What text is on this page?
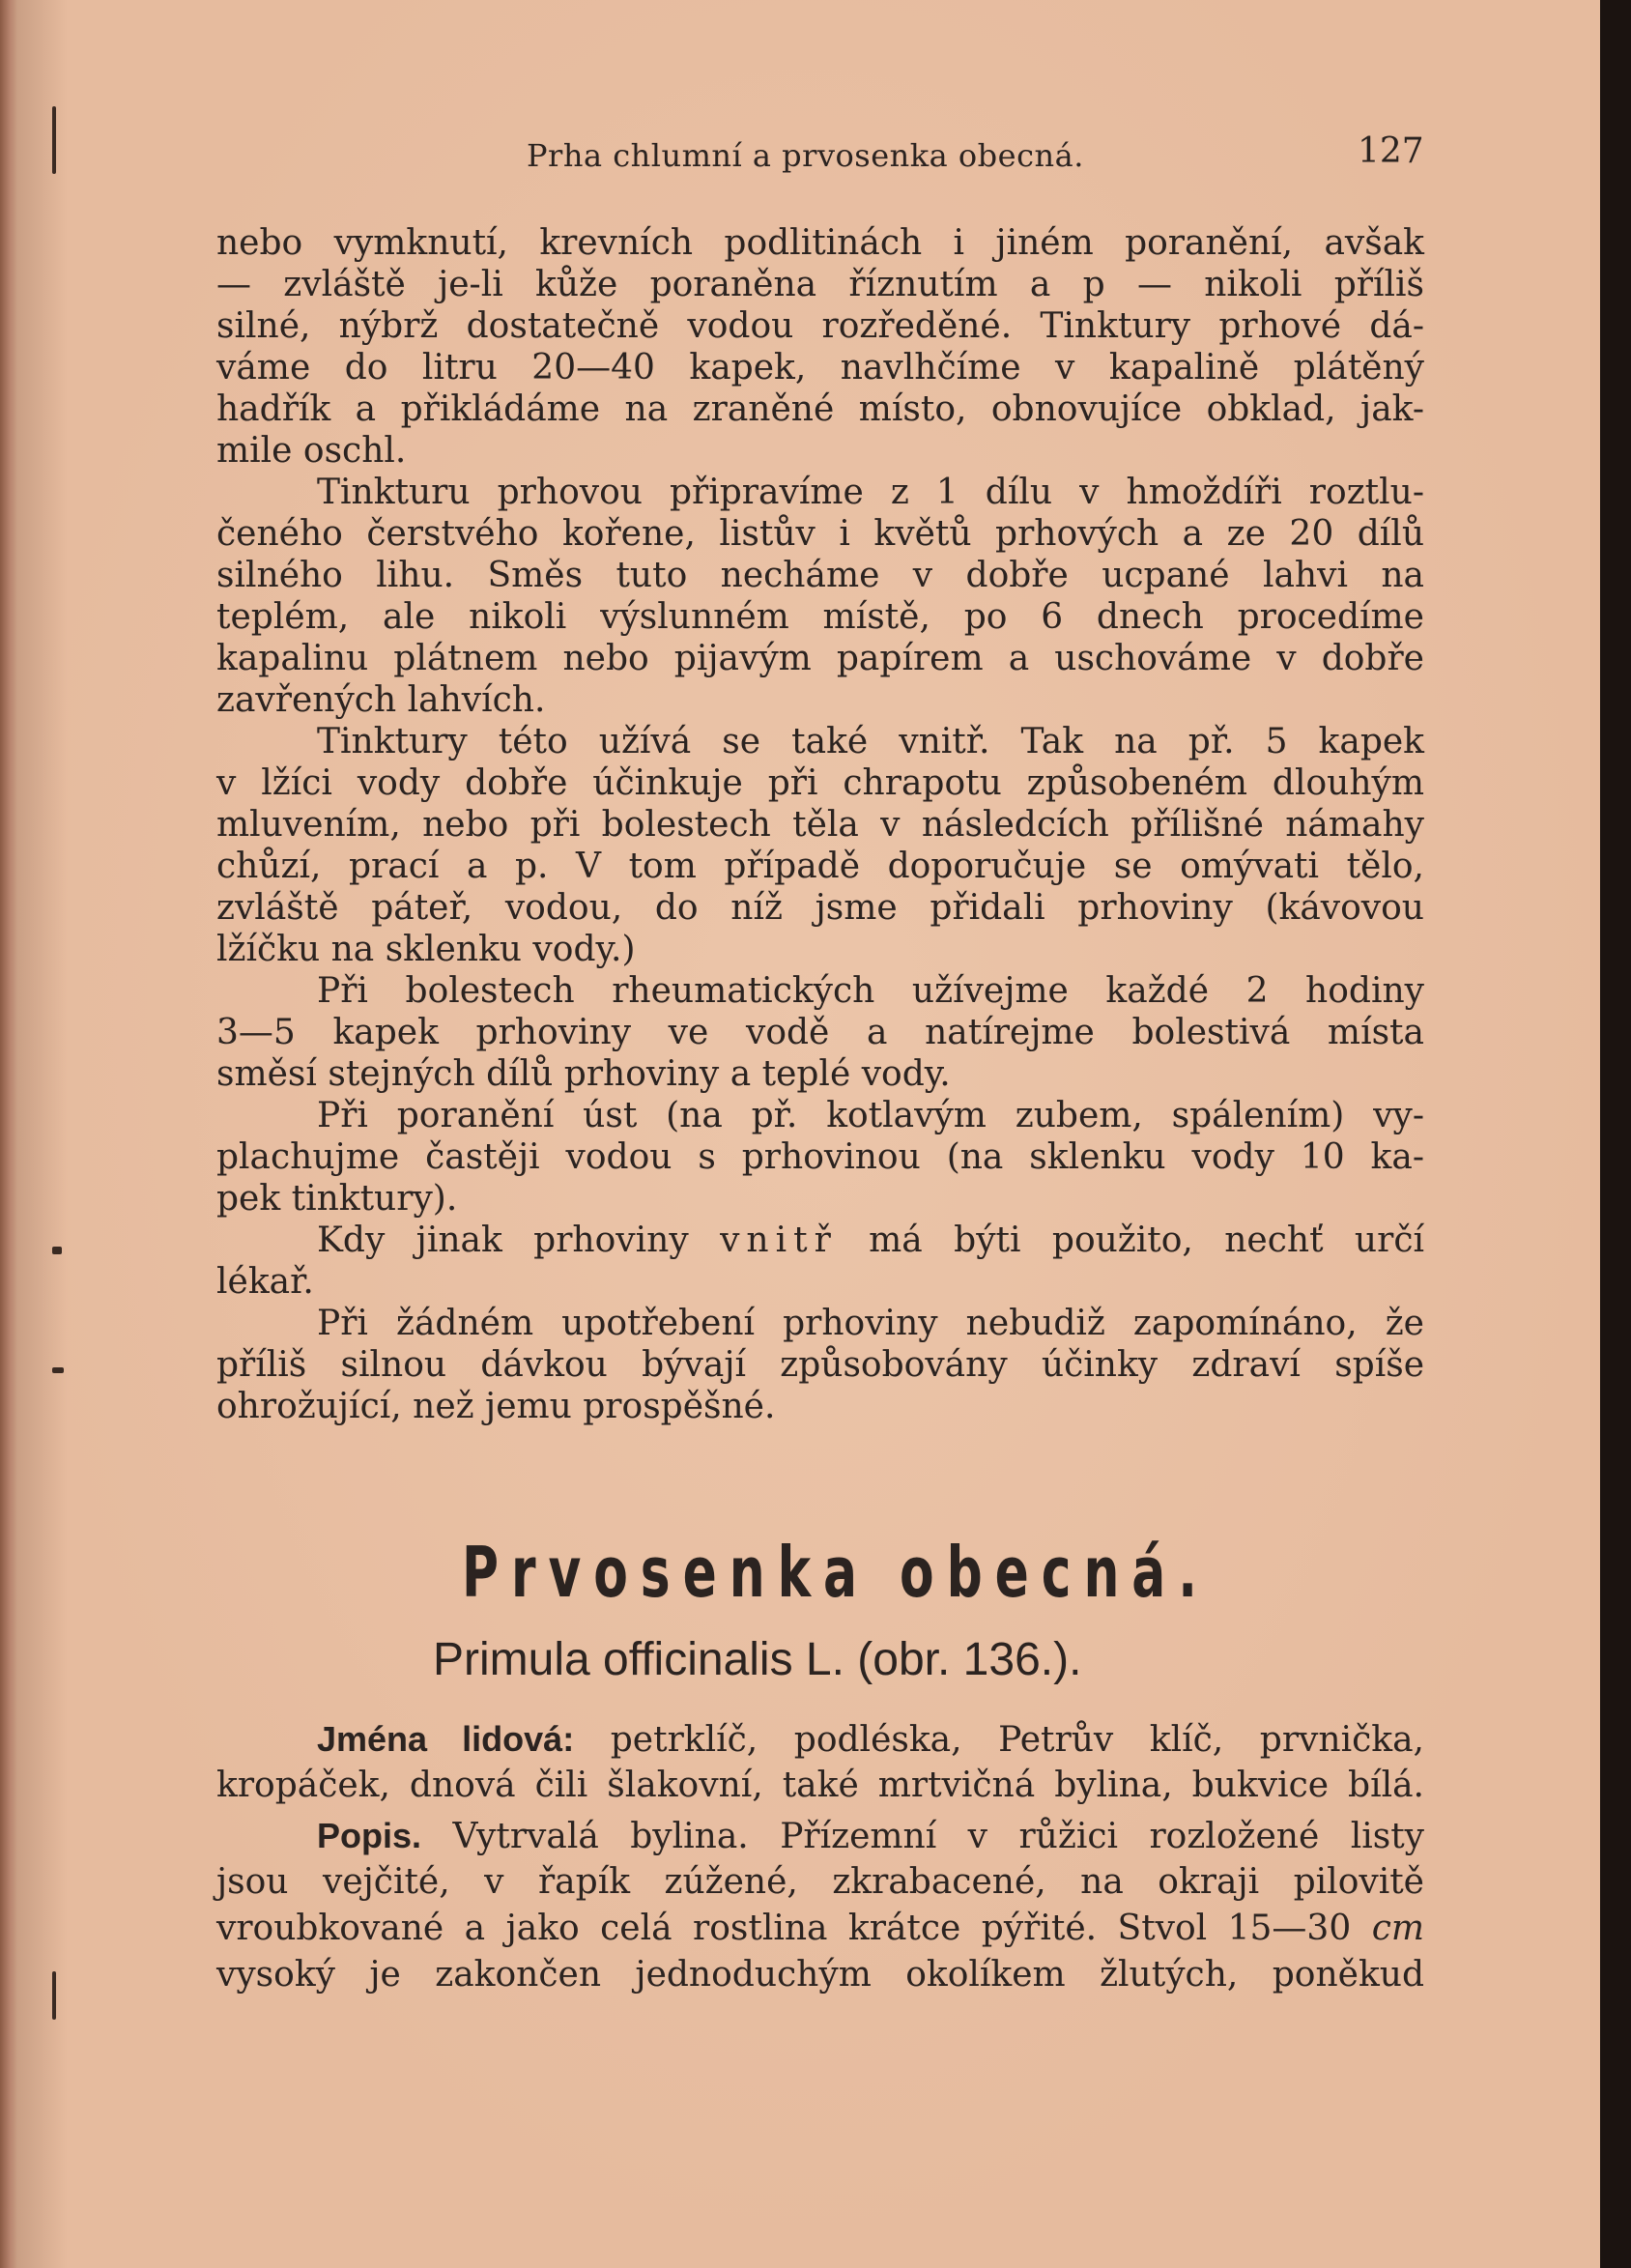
Prha chlumní a prvosenka obecná.	127
nebo vymknutí, krevních podlitinách i jiném poranění, avšak
— zvláště je-li kůže poraněna říznutím a p — nikoli příliš
silné, nýbrž dostatečně vodou rozředěné. Tinktury prhové dá-
váme do litru 20—40 kapek, navlhčíme v kapalině plátěný
hadřík a přikládáme na zraněné místo, obnovujíce obklad, jak-
mile oschl.
Tinkturu prhovou připravíme z 1 dílu v hmoždíři roztlu-
čeného čerstvého kořene, listův i květů prhových a ze 20 dílů
silného lihu. Směs tuto necháme v dobře ucpané lahvi na
teplém, ale nikoli výslunném místě, po 6 dnech procedíme
kapalinu plátnem nebo pijavým papírem a uschováme v dobře
zavřených lahvích.
Tinktury této užívá se také vnitř. Tak na př. 5 kapek
v lžíci vody dobře účinkuje při chrapotu způsobeném dlouhým
mluvením, nebo při bolestech těla v následcích přílišné námahy
chůzí, prací a p. V tom případě doporučuje se omývati tělo,
zvláště páteř, vodou, do níž jsme přidali prhoviny (kávovou
lžíčku na sklenku vody.)
Při bolestech rheumatických užívejme každé 2 hodiny
3—5 kapek prhoviny ve vodě a natírejme bolestivá místa
směsí stejných dílů prhoviny a teplé vody.
Při poranění úst (na př. kotlavým zubem, spálením) vy-
plachujme častěji vodou s prhovinou (na sklenku vody 10 ka-
pek tinktury).
Kdy jinak prhoviny vnitř má býti použito, nechť určí
lékař.
Při žádném upotřebení prhoviny nebudiž zapomínáno, že
příliš silnou dávkou bývají způsobovány účinky zdraví spíše
ohrožující, než jemu prospěšné.
Prvosenka obecná.
Primula officinalis L. (obr. 136.).
Jména lidová: petrklíč, podléska, Petrův klíč, prvnička,
kropáček, dnová čili šlakovní, také mrtvičná bylina, bukvice bílá.
Popis. Vytrvalá bylina. Přízemní v růžici rozložené listy
jsou vejčité, v řapík zúžené, zkrabacené, na okraji pilovitě
vroubkované a jako celá rostlina krátce pýřité. Stvol 15—30 cm
vysoký je zakončen jednoduchým okolíkem žlutých, poněkud
